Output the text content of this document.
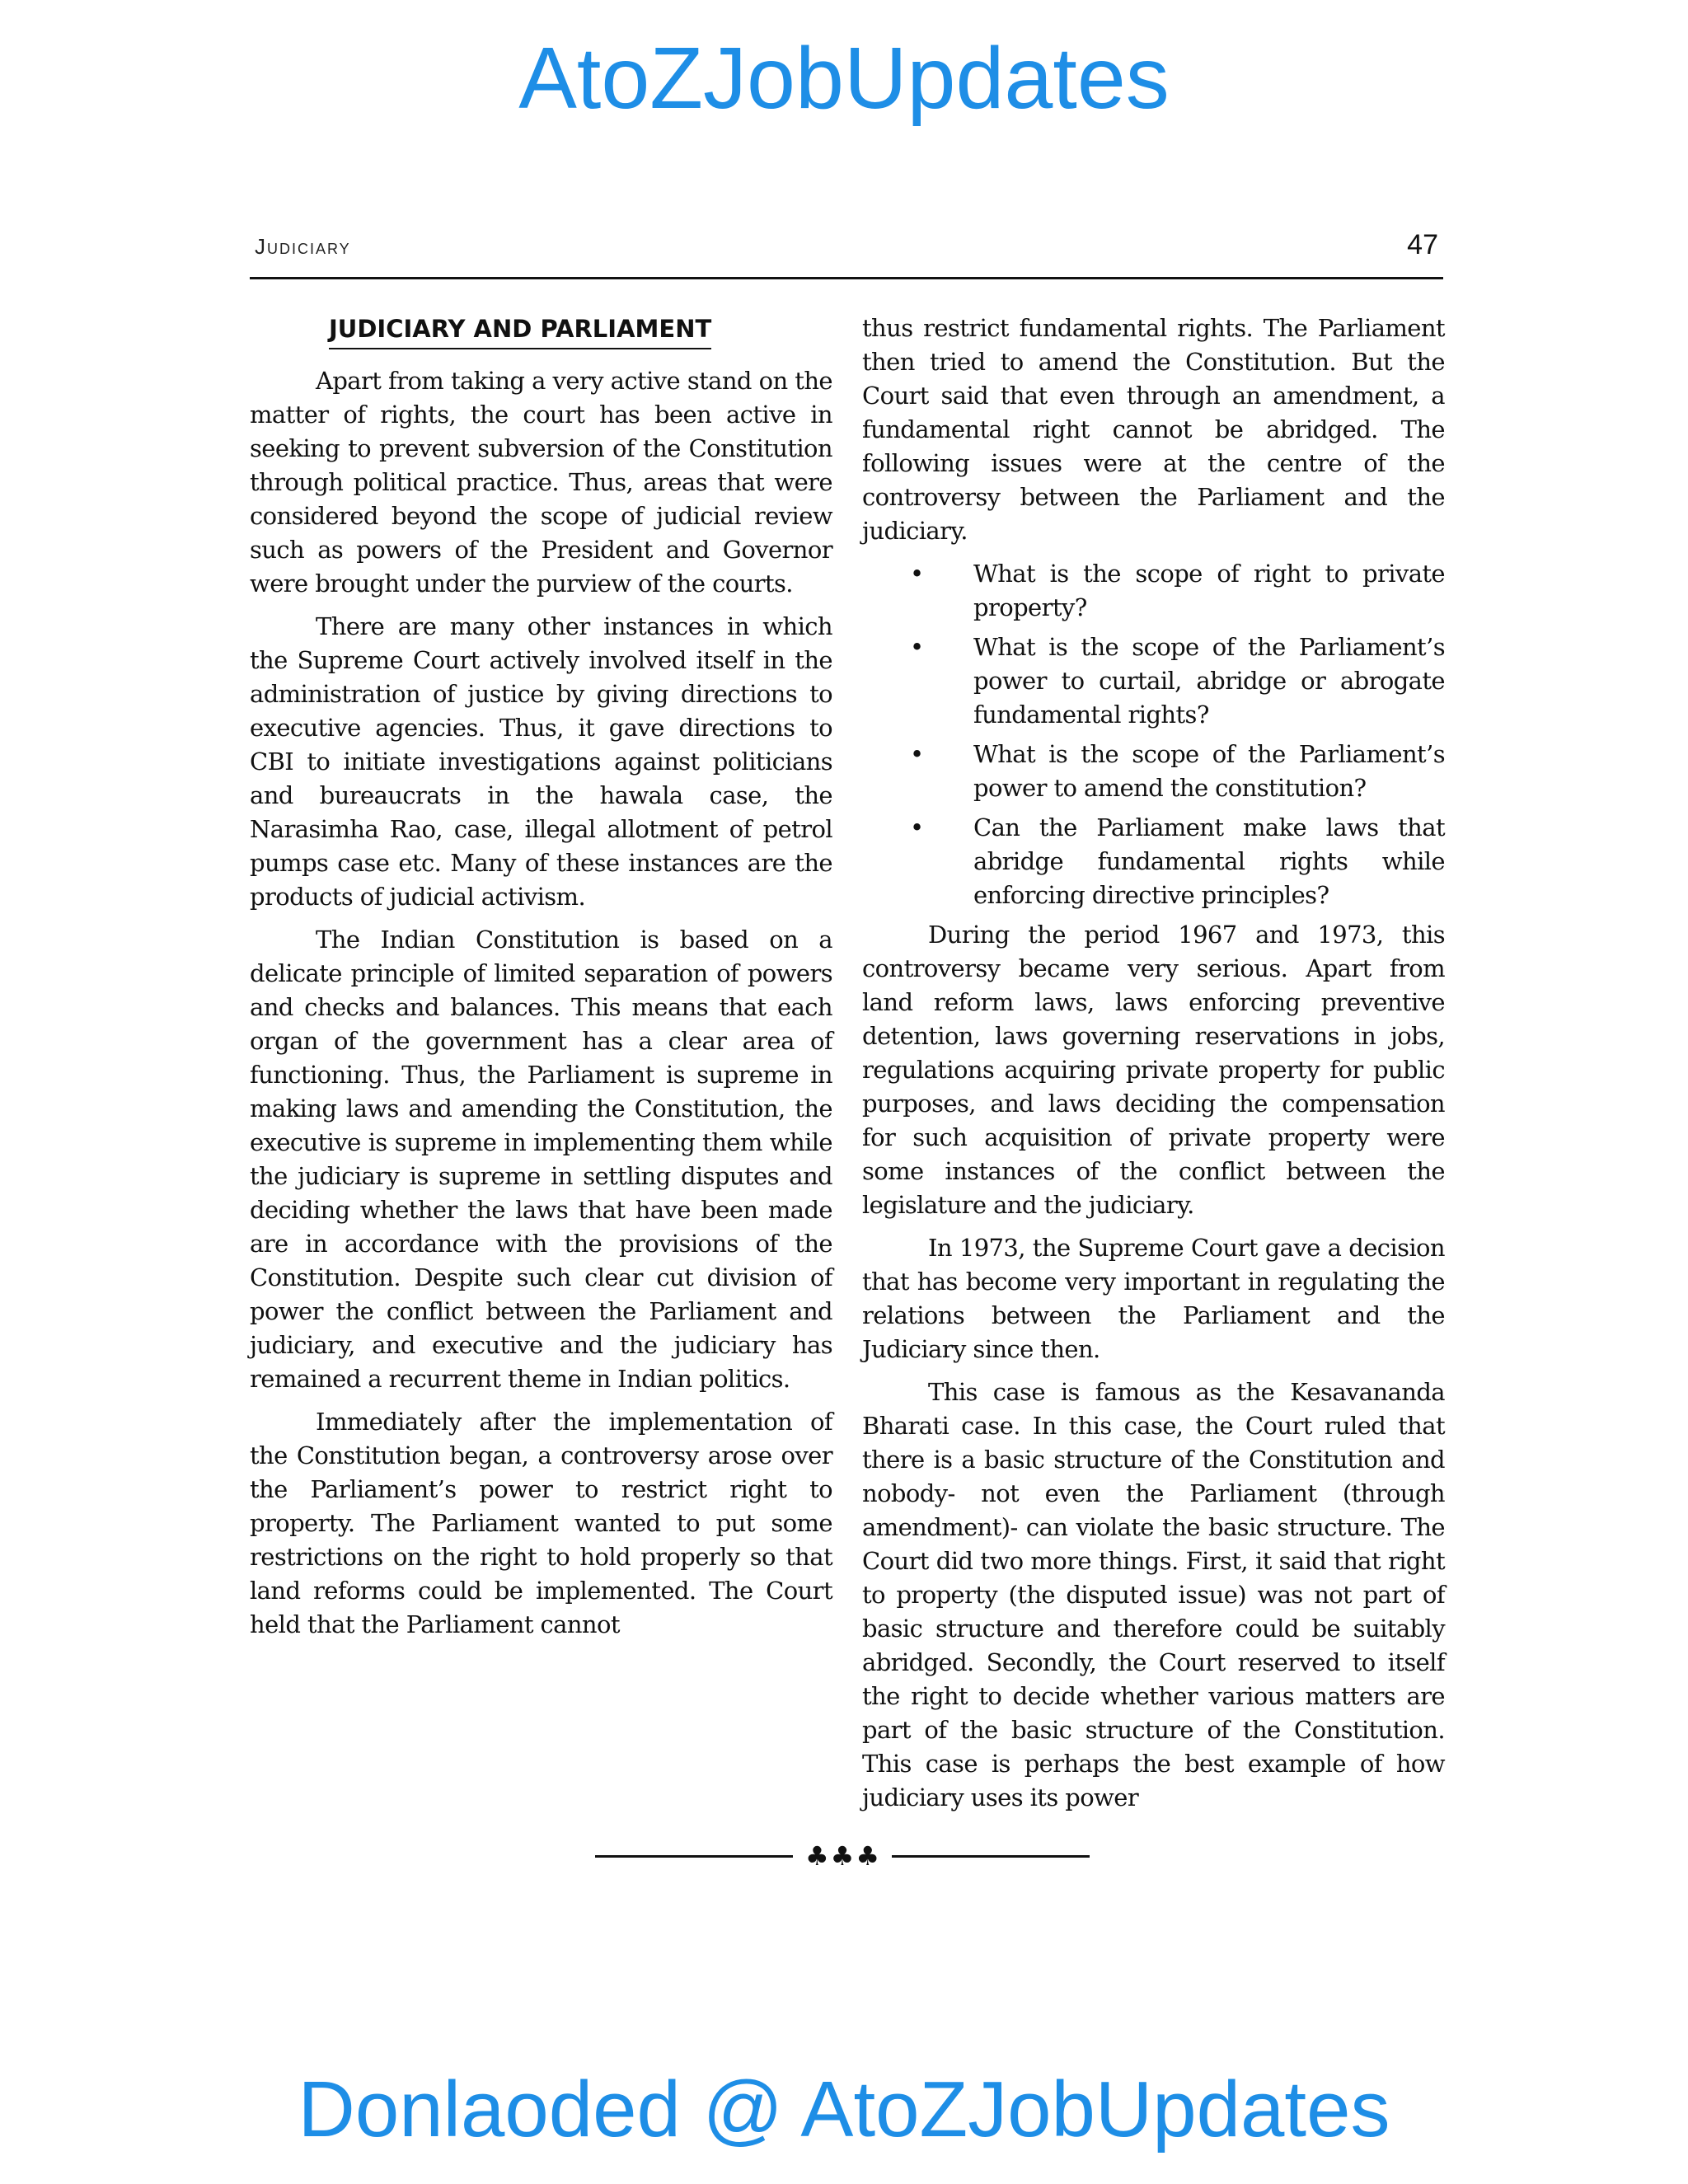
AtoZJobUpdates
Judiciary	47
JUDICIARY AND PARLIAMENT

Apart from taking a very active stand on the matter of rights, the court has been active in seeking to prevent subversion of the Constitution through political practice. Thus, areas that were considered beyond the scope of judicial review such as powers of the President and Governor were brought under the purview of the courts.

There are many other instances in which the Supreme Court actively involved itself in the administration of justice by giving directions to executive agencies. Thus, it gave directions to CBI to initiate investigations against politicians and bureaucrats in the hawala case, the Narasimha Rao, case, illegal allotment of petrol pumps case etc. Many of these instances are the products of judicial activism.

The Indian Constitution is based on a delicate principle of limited separation of powers and checks and balances. This means that each organ of the government has a clear area of functioning. Thus, the Parliament is supreme in making laws and amending the Constitution, the executive is supreme in implementing them while the judiciary is supreme in settling disputes and deciding whether the laws that have been made are in accordance with the provisions of the Constitution. Despite such clear cut division of power the conflict between the Parliament and judiciary, and executive and the judiciary has remained a recurrent theme in Indian politics.

Immediately after the implementation of the Constitution began, a controversy arose over the Parliament’s power to restrict right to property. The Parliament wanted to put some restrictions on the right to hold properly so that land reforms could be implemented. The Court held that the Parliament cannot

thus restrict fundamental rights. The Parliament then tried to amend the Constitution. But the Court said that even through an amendment, a fundamental right cannot be abridged. The following issues were at the centre of the controversy between the Parliament and the judiciary.

• What is the scope of right to private property?
• What is the scope of the Parliament’s power to curtail, abridge or abrogate fundamental rights?
• What is the scope of the Parliament’s power to amend the constitution?
• Can the Parliament make laws that abridge fundamental rights while enforcing directive principles?

During the period 1967 and 1973, this controversy became very serious. Apart from land reform laws, laws enforcing preventive detention, laws governing reservations in jobs, regulations acquiring private property for public purposes, and laws deciding the compensation for such acquisition of private property were some instances of the conflict between the legislature and the judiciary.

In 1973, the Supreme Court gave a decision that has become very important in regulating the relations between the Parliament and the Judiciary since then.

This case is famous as the Kesavananda Bharati case. In this case, the Court ruled that there is a basic structure of the Constitution and nobody- not even the Parliament (through amendment)- can violate the basic structure. The Court did two more things. First, it said that right to property (the disputed issue) was not part of basic structure and therefore could be suitably abridged. Secondly, the Court reserved to itself the right to decide whether various matters are part of the basic structure of the Constitution. This case is perhaps the best example of how judiciary uses its power

♣♣♣
Donlaoded @ AtoZJobUpdates
